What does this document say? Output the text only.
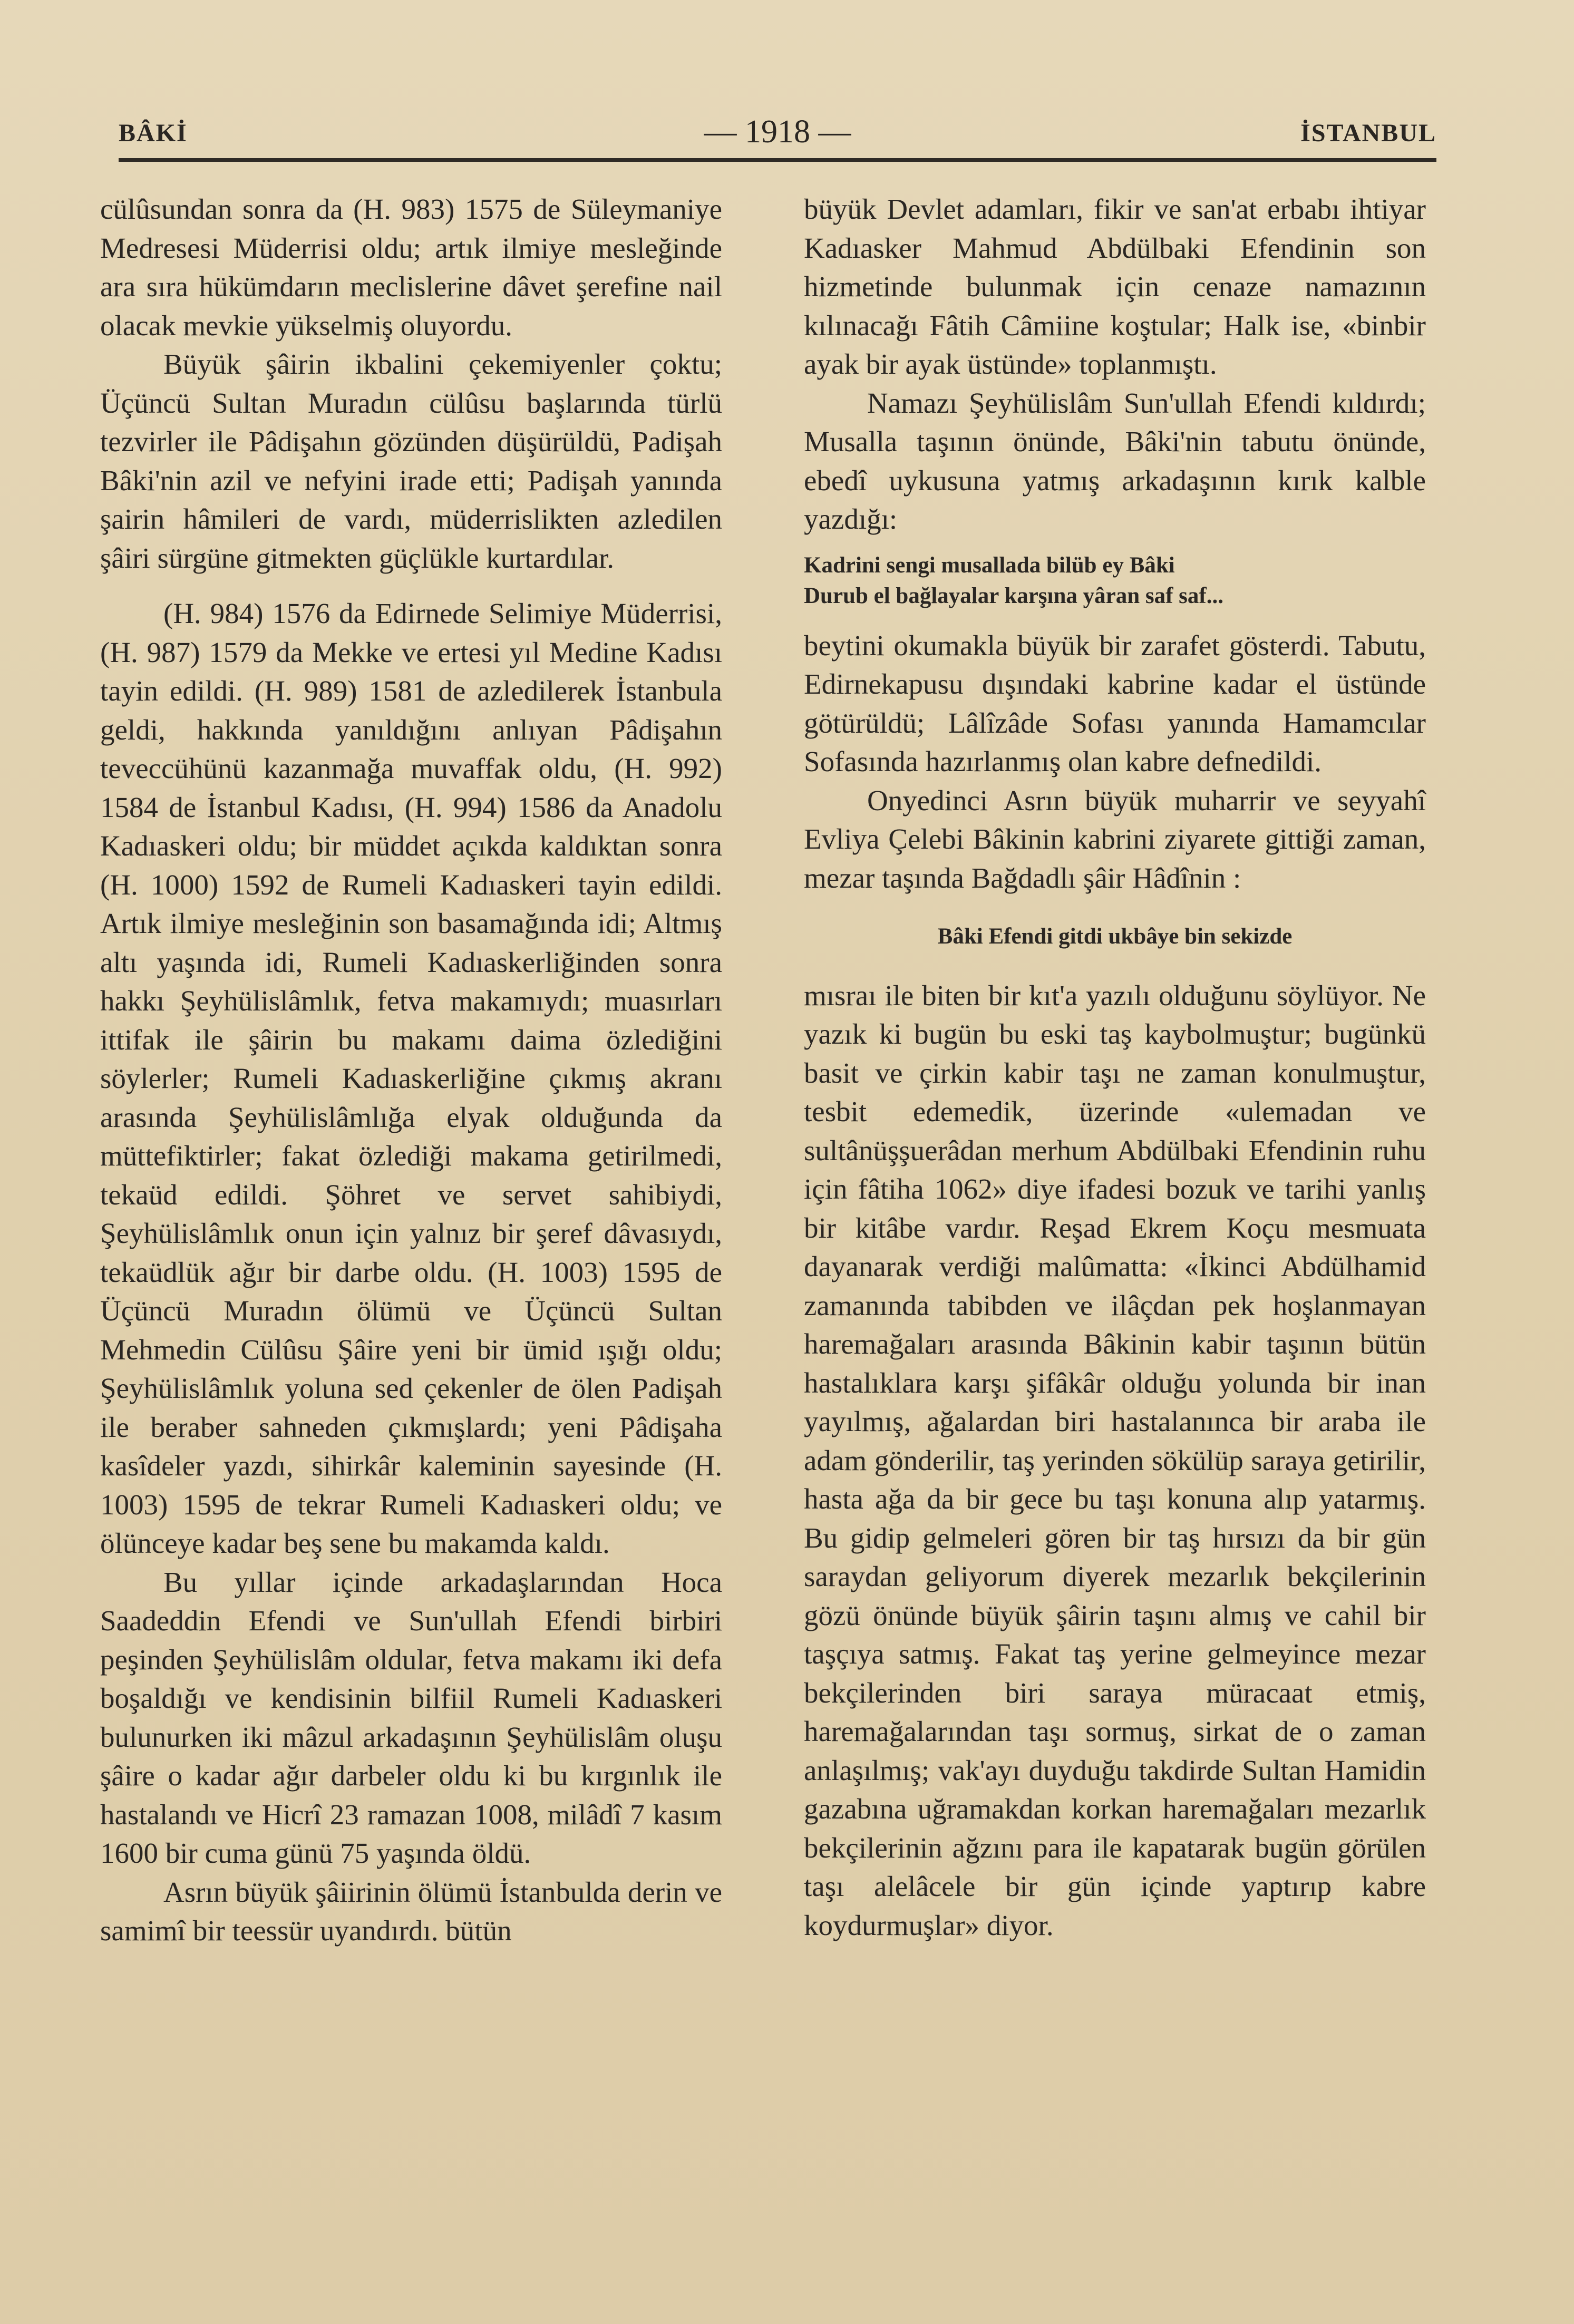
BÂKİ	— 1918 —	İSTANBUL

cülûsundan sonra da (H. 983) 1575 de Süleymaniye Medresesi Müderrisi oldu; artık ilmiye mesleğinde ara sıra hükümdarın meclislerine dâvet şerefine nail olacak mevkie yükselmiş oluyordu.

Büyük şâirin ikbalini çekemiyenler çoktu; Üçüncü Sultan Muradın cülûsu başlarında türlü tezvirler ile Pâdişahın gözünden düşürüldü, Padişah Bâki'nin azil ve nefyini irade etti; Padişah yanında şairin hâmileri de vardı, müderrislikten azledilen şâiri sürgüne gitmekten güçlükle kurtardılar.

(H. 984) 1576 da Edirnede Selimiye Müderrisi, (H. 987) 1579 da Mekke ve ertesi yıl Medine Kadısı tayin edildi. (H. 989) 1581 de azledilerek İstanbula geldi, hakkında yanıldığını anlıyan Pâdişahın teveccühünü kazanmağa muvaffak oldu, (H. 992) 1584 de İstanbul Kadısı, (H. 994) 1586 da Anadolu Kadıaskeri oldu; bir müddet açıkda kaldıktan sonra (H. 1000) 1592 de Rumeli Kadıaskeri tayin edildi. Artık ilmiye mesleğinin son basamağında idi; Altmış altı yaşında idi, Rumeli Kadıaskerliğinden sonra hakkı Şeyhülislâmlık, fetva makamıydı; muasırları ittifak ile şâirin bu makamı daima özlediğini söylerler; Rumeli Kadıaskerliğine çıkmış akranı arasında Şeyhülislâmlığa elyak olduğunda da müttefiktirler; fakat özlediği makama getirilmedi, tekaüd edildi. Şöhret ve servet sahibiydi, Şeyhülislâmlık onun için yalnız bir şeref dâvasıydı, tekaüdlük ağır bir darbe oldu. (H. 1003) 1595 de Üçüncü Muradın ölümü ve Üçüncü Sultan Mehmedin Cülûsu Şâire yeni bir ümid ışığı oldu; Şeyhülislâmlık yoluna sed çekenler de ölen Padişah ile beraber sahneden çıkmışlardı; yeni Pâdişaha kasîdeler yazdı, sihirkâr kaleminin sayesinde (H. 1003) 1595 de tekrar Rumeli Kadıaskeri oldu; ve ölünceye kadar beş sene bu makamda kaldı.

Bu yıllar içinde arkadaşlarından Hoca Saadeddin Efendi ve Sun'ullah Efendi birbiri peşinden Şeyhülislâm oldular, fetva makamı iki defa boşaldığı ve kendisinin bilfiil Rumeli Kadıaskeri bulunurken iki mâzul arkadaşının Şeyhülislâm oluşu şâire o kadar ağır darbeler oldu ki bu kırgınlık ile hastalandı ve Hicrî 23 ramazan 1008, milâdî 7 kasım 1600 bir cuma günü 75 yaşında öldü.

Asrın büyük şâiirinin ölümü İstanbulda derin ve samimî bir teessür uyandırdı. bütün

büyük Devlet adamları, fikir ve san'at erbabı ihtiyar Kadıasker Mahmud Abdülbaki Efendinin son hizmetinde bulunmak için cenaze namazının kılınacağı Fâtih Câmiine koştular; Halk ise, «binbir ayak bir ayak üstünde» toplanmıştı.

Namazı Şeyhülislâm Sun'ullah Efendi kıldırdı; Musalla taşının önünde, Bâki'nin tabutu önünde, ebedî uykusuna yatmış arkadaşının kırık kalble yazdığı:

Kadrini sengi musallada bilüb ey Bâki
Durub el bağlayalar karşına yâran saf saf...

beytini okumakla büyük bir zarafet gösterdi. Tabutu, Edirnekapusu dışındaki kabrine kadar el üstünde götürüldü; Lâlîzâde Sofası yanında Hamamcılar Sofasında hazırlanmış olan kabre defnedildi.

Onyedinci Asrın büyük muharrir ve seyyahî Evliya Çelebi Bâkinin kabrini ziyarete gittiği zaman, mezar taşında Bağdadlı şâir Hâdînin :

Bâki Efendi gitdi ukbâye bin sekizde

mısraı ile biten bir kıt'a yazılı olduğunu söylüyor. Ne yazık ki bugün bu eski taş kaybolmuştur; bugünkü basit ve çirkin kabir taşı ne zaman konulmuştur, tesbit edemedik, üzerinde «ulemadan ve sultânüşşuerâdan merhum Abdülbaki Efendinin ruhu için fâtiha 1062» diye ifadesi bozuk ve tarihi yanlış bir kitâbe vardır. Reşad Ekrem Koçu mesmuata dayanarak verdiği malûmatta: «İkinci Abdülhamid zamanında tabibden ve ilâçdan pek hoşlanmayan haremağaları arasında Bâkinin kabir taşının bütün hastalıklara karşı şifâkâr olduğu yolunda bir inan yayılmış, ağalardan biri hastalanınca bir araba ile adam gönderilir, taş yerinden sökülüp saraya getirilir, hasta ağa da bir gece bu taşı konuna alıp yatarmış. Bu gidip gelmeleri gören bir taş hırsızı da bir gün saraydan geliyorum diyerek mezarlık bekçilerinin gözü önünde büyük şâirin taşını almış ve cahil bir taşçıya satmış. Fakat taş yerine gelmeyince mezar bekçilerinden biri saraya müracaat etmiş, haremağalarından taşı sormuş, sirkat de o zaman anlaşılmış; vak'ayı duyduğu takdirde Sultan Hamidin gazabına uğramakdan korkan haremağaları mezarlık bekçilerinin ağzını para ile kapatarak bugün görülen taşı alelâcele bir gün içinde yaptırıp kabre koydurmuşlar» diyor.
